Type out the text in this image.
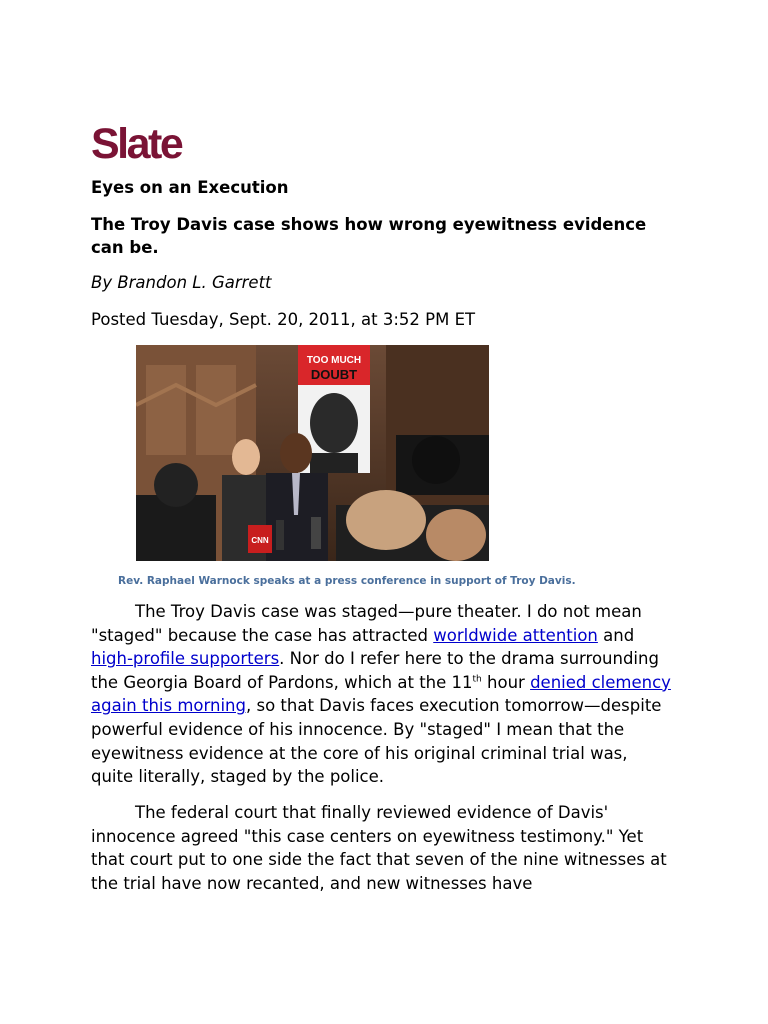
Slate
Eyes on an Execution
The Troy Davis case shows how wrong eyewitness evidence can be.
By Brandon L. Garrett
Posted Tuesday, Sept. 20, 2011, at 3:52 PM ET
TOO MUCH
DOUBT
CNN
Rev. Raphael Warnock speaks at a press conference in support of Troy Davis.
The Troy Davis case was staged—pure theater. I do not mean "staged" because the case has attracted worldwide attention and high-profile supporters. Nor do I refer here to the drama surrounding the Georgia Board of Pardons, which at the 11th hour denied clemency again this morning, so that Davis faces execution tomorrow—despite powerful evidence of his innocence. By "staged" I mean that the eyewitness evidence at the core of his original criminal trial was, quite literally, staged by the police.
The federal court that finally reviewed evidence of Davis' innocence agreed "this case centers on eyewitness testimony." Yet that court put to one side the fact that seven of the nine witnesses at the trial have now recanted, and new witnesses have
